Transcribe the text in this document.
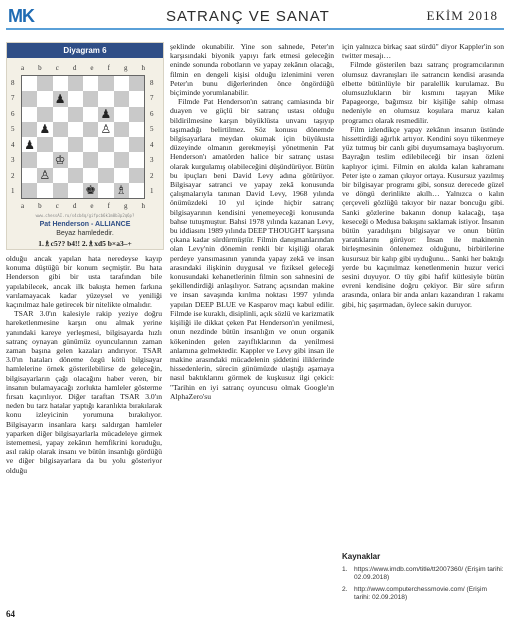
MK	SATRANÇ VE SANAT	EKİM 2018
Diyagram 6
a b c d e f g h
8
7
6
5
4
3
2
1
♟
♟
♟	♙
♟
♔
♙
♚ ♗
8
7
6
5
4
3
2
1
a b c d e f g h
www.chessAI.ru/s4cb4q/gifpcb6k1m0b3p2q6p?
Pat Henderson - ALLIANCE
Beyaz hamlededir.
1.♗c5?? b4!! 2.♗xd5 b×a3–+

olduğu ancak yapılan hata neredeyse kayıp konuma düştüğü bir konum seçmiştir. Bu hata Henderson gibi bir usta tarafından bile yapılabilecek, ancak ilk bakışta hemen farkına varılamayacak kadar yüzeysel ve yeniliği kaçınılmaz hale getirecek bir nitelikte olmalıdır.

TSAR 3.0'ın kalesiyle rakip yeziye doğru hareketlenmesine karşın onu almak yerine yanındaki kareye yerleşmesi, bilgisayarda hızlı satranç oynayan günümüz oyuncularının zaman zaman başına gelen kazaları andırıyor. TSAR 3.0'ın hataları döneme özgü kötü bilgisayar hamlelerine örnek gösterilebilirse de geleceğin, bilgisayarların çağı olacağını haber veren, bir insanın bulamayacağı zorlukta hamleler gösterme fırsatı kaçırılıyor. Diğer taraftan TSAR 3.0'ın neden bu tarz hatalar yaptığı karanlıkta bırakılarak konu izleyicinin yorumuna bırakılıyor. Bilgisayarın insanlara karşı saldırgan hamleler yaparken diğer bilgisayarlarla mücadeleye girmek istememesi, yapay zekânın hemfikrini koruduğu, asıl rakip olarak insanı ve bütün insanlığı gördüğü ve diğer bilgisayarlara da bu yolu gösteriyor olduğu

şeklinde okunabilir. Yine son sahnede, Peter'ın karşısındaki biyonik yapıyı fark etmesi geleceğin eninde sonunda robotların ve yapay zekânın olacağı, filmin en dengeli kişisi olduğu izlenimini veren Peter'ın bunu diğerlerinden önce öngördüğü biçiminde yorumlanabilir.

Filmde Pat Henderson'ın satranç camiasında bir duayen ve güçlü bir satranç ustası olduğu bildirilmesine karşın büyüklüsta unvanı taşıyıp taşımadığı belirtilmez. Söz konusu dönemde bilgisayarlara meydan okumak için büyükusta düzeyinde olmanın gerekmeyişi yönetmenin Pat Henderson'ı amatörden halice bir satranç ustası olarak kurgulamış olabileceğini düşündürüyor. Bütün bu ipuçları beni David Levy adına götürüyor. Bilgisayar satranci ve yapay zekâ konusunda çalışmalarıyla tanınan David Levy, 1968 yılında önümüzdeki 10 yıl içinde hiçbir satranç bilgisayarının kendisini yenemeyeceği konusunda bahse tutuşmuştur. Bahsi 1978 yılında kazanan Levy, bu iddiasını 1989 yılında DEEP THOUGHT karşısına çıkana kadar sürdürmüştür. Filmin danışmanlarından olan Levy'nin dönemin renkli bir kişiliği olarak perdeye yansımasının yanında yapay zekâ ve insan arasındaki ilişkinin duygusal ve fiziksel geleceği konusundaki kehanetlerinin filmin son sahnesini de şekillendirdiği anlaşılıyor. Satranç açısından makine ve insan savaşında kırılma noktası 1997 yılında yapılan DEEP BLUE ve Kasparov maçı kabul edilir. Filmde ise kuraklı, disiplinli, açık sözlü ve karizmatik kişiliği ile dikkat çeken Pat Henderson'ın yenilmesi, onun nezdinde bütün insanlığın ve onun organik kökeninden gelen zayıflıklarının da yenilmesi anlamına gelmektedir. Kappler ve Levy gibi insan ile makine arasındaki mücadelenin şiddetini iliklerinde hissedenlerin, sürecin günümüzde ulaştığı aşamaya nasıl baktıklarını görmek de kuşkusuz ilgi çekici: "Tarihin en iyi satranç oyuncusu olmak Google'ın AlphaZero'su

için yalnızca birkaç saat sürdü" diyor Kappler'in son twitter mesajı…

Filmde gösterilen bazı satranç programcılarının olumsuz davranışları ile satrancın kendisi arasında elbette bütünlüyle bir paralellik kurulamaz. Bu olumsuzlukların bir kısmını taşıyan Mike Papageorge, bağımsız bir kişiliğe sahip olması nedeniyle en olumsuz koşulara maruz kalan programcı olarak resmedilir.

Film izlendikçe yapay zekânın insanın üstünde hissettirdiği ağırlık artıyor. Kendini soyu tükenmeye yüz tutmuş bir canlı gibi duyumsamaya başlıyorum. Bayrağın teslim edilebileceği bir insan özleni kaplıyor içimi. Filmin en akılda kalan kahramanı Peter işte o zaman çıkıyor ortaya. Kusursuz yazılmış bir bilgisayar programı gibi, sonsuz derecede güzel ve döngü derinlikte akılh… Yalnızca o kalın çerçeveli gözlüğü takıyor bir nazar boncuğu gibi. Sanki gözlerine bakanın donup kalacağı, taşa keseceği o Medusa bakışını saklamak istiyor. İnsanın bütün yaradılışını bilgisayar ve onun bütün yaratıklarını görüyor: İnsan ile makinenin birleşmesinin önlenemez olduğunu, birbirilerine kusursuz bir kalıp gibi uyduğunu... Sanki her baktığı yerde bu kaçınılmaz kenetlenmenin huzur verici sesini duyuyor. O tüy gibi hafif kütlesiyle bütün evreni kendisine doğru çekiyor. Bir süre sıfırın arasında, onlara bir anda anları kazandıran 1 rakamı gibi, hiç şaşırmadan, öylece sakin duruyor.

Kaynaklar
1. https://www.imdb.com/title/tt2007360/ (Erişim tarihi: 02.09.2018)
2. http://www.computerchessmovie.com/ (Erişim tarihi: 02.09.2018)
64
